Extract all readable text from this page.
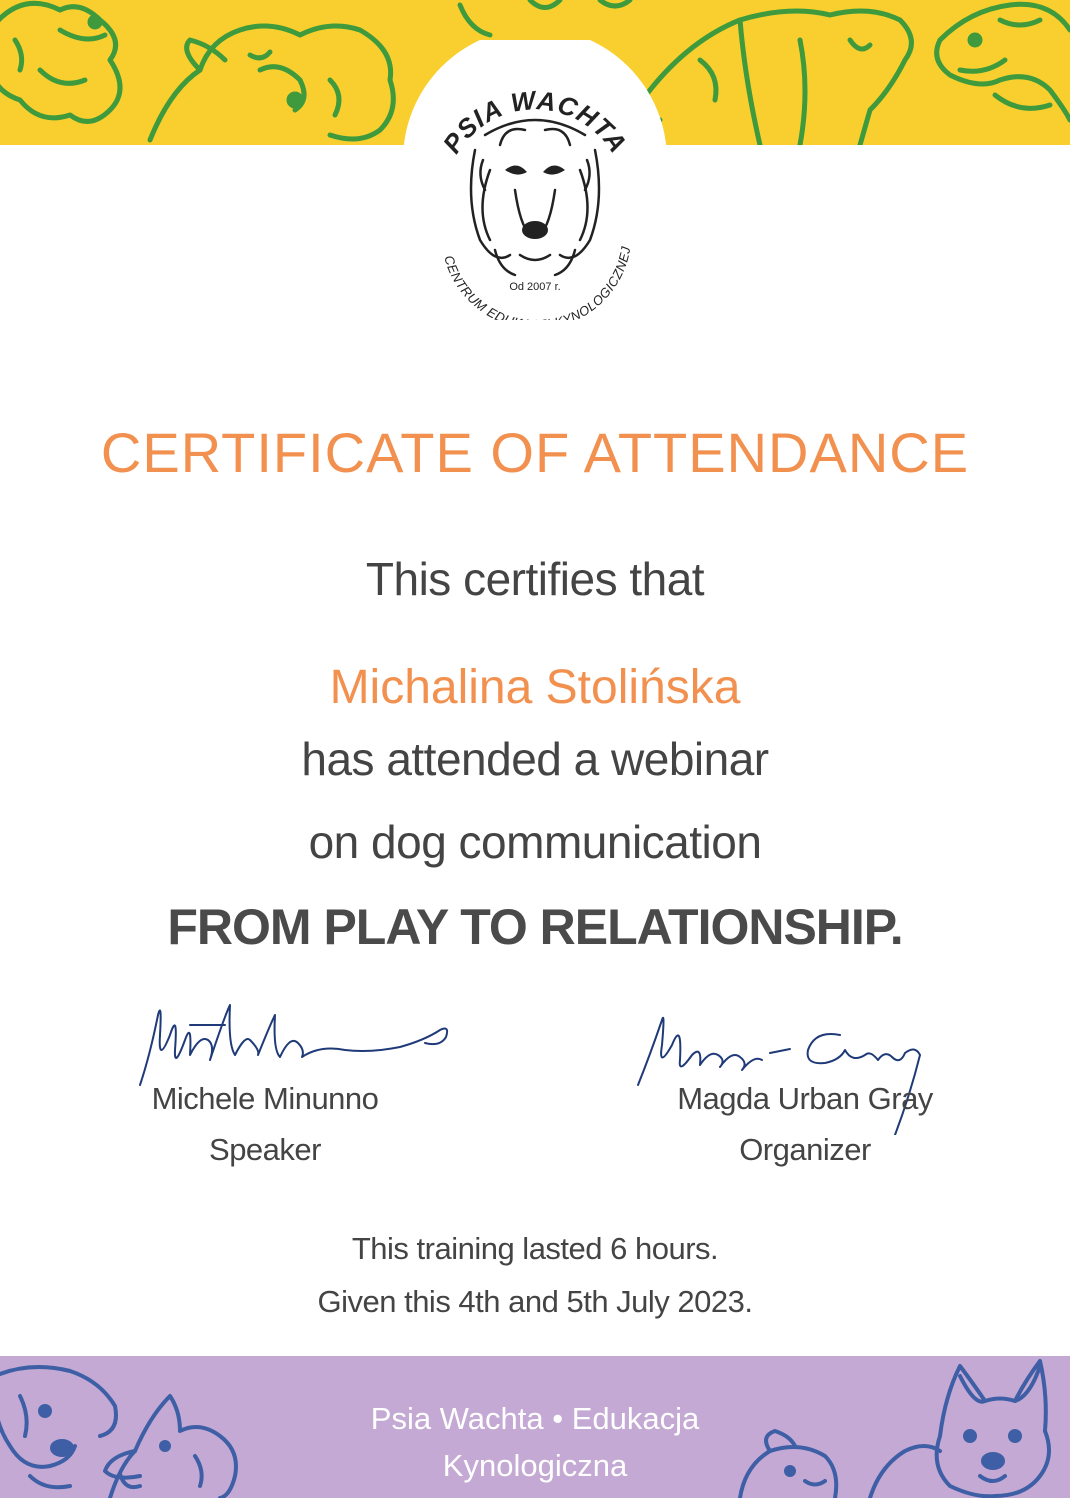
PSIA WACHTA
Od 2007 r.
CENTRUM ED YNOLOGICZNEJ
CERTIFICATE OF ATTENDANCE
This certifies that
Michalina Stolińska
has attended a webinar
on dog communication
FROM PLAY TO RELATIONSHIP.
Michele Minunno
Speaker
Magda Urban Gray
Organizer
This training lasted 6 hours.
Given this 4th and 5th July 2023.
Psia Wachta • Edukacja Kynologiczna
